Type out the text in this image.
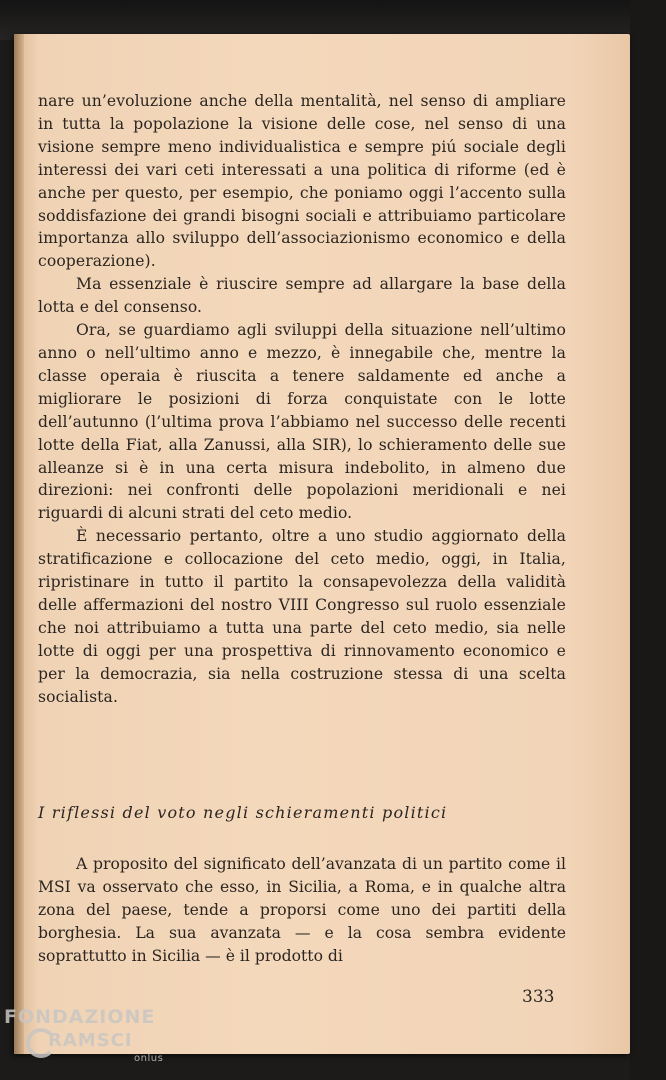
nare un’evoluzione anche della mentalità, nel senso di ampliare in tutta la popolazione la visione delle cose, nel senso di una visione sempre meno individualistica e sempre piú sociale degli interessi dei vari ceti interessati a una politica di riforme (ed è anche per questo, per esempio, che poniamo oggi l’accento sulla soddisfazione dei grandi bisogni sociali e attribuiamo particolare importanza allo sviluppo dell’associazionismo economico e della cooperazione).

Ma essenziale è riuscire sempre ad allargare la base della lotta e del consenso.

Ora, se guardiamo agli sviluppi della situazione nell’ultimo anno o nell’ultimo anno e mezzo, è innegabile che, mentre la classe operaia è riuscita a tenere saldamente ed anche a migliorare le posizioni di forza conquistate con le lotte dell’autunno (l’ultima prova l’abbiamo nel successo delle recenti lotte della Fiat, alla Zanussi, alla SIR), lo schieramento delle sue alleanze si è in una certa misura indebolito, in almeno due direzioni: nei confronti delle popolazioni meridionali e nei riguardi di alcuni strati del ceto medio.

È necessario pertanto, oltre a uno studio aggiornato della stratificazione e collocazione del ceto medio, oggi, in Italia, ripristinare in tutto il partito la consapevolezza della validità delle affermazioni del nostro VIII Congresso sul ruolo essenziale che noi attribuiamo a tutta una parte del ceto medio, sia nelle lotte di oggi per una prospettiva di rinnovamento economico e per la democrazia, sia nella costruzione stessa di una scelta socialista.

I riflessi del voto negli schieramenti politici

A proposito del significato dell’avanzata di un partito come il MSI va osservato che esso, in Sicilia, a Roma, e in qualche altra zona del paese, tende a proporsi come uno dei partiti della borghesia. La sua avanzata — e la cosa sembra evidente soprattutto in Sicilia — è il prodotto di

333
FONDAZIONE
RAMSCI
onlus
